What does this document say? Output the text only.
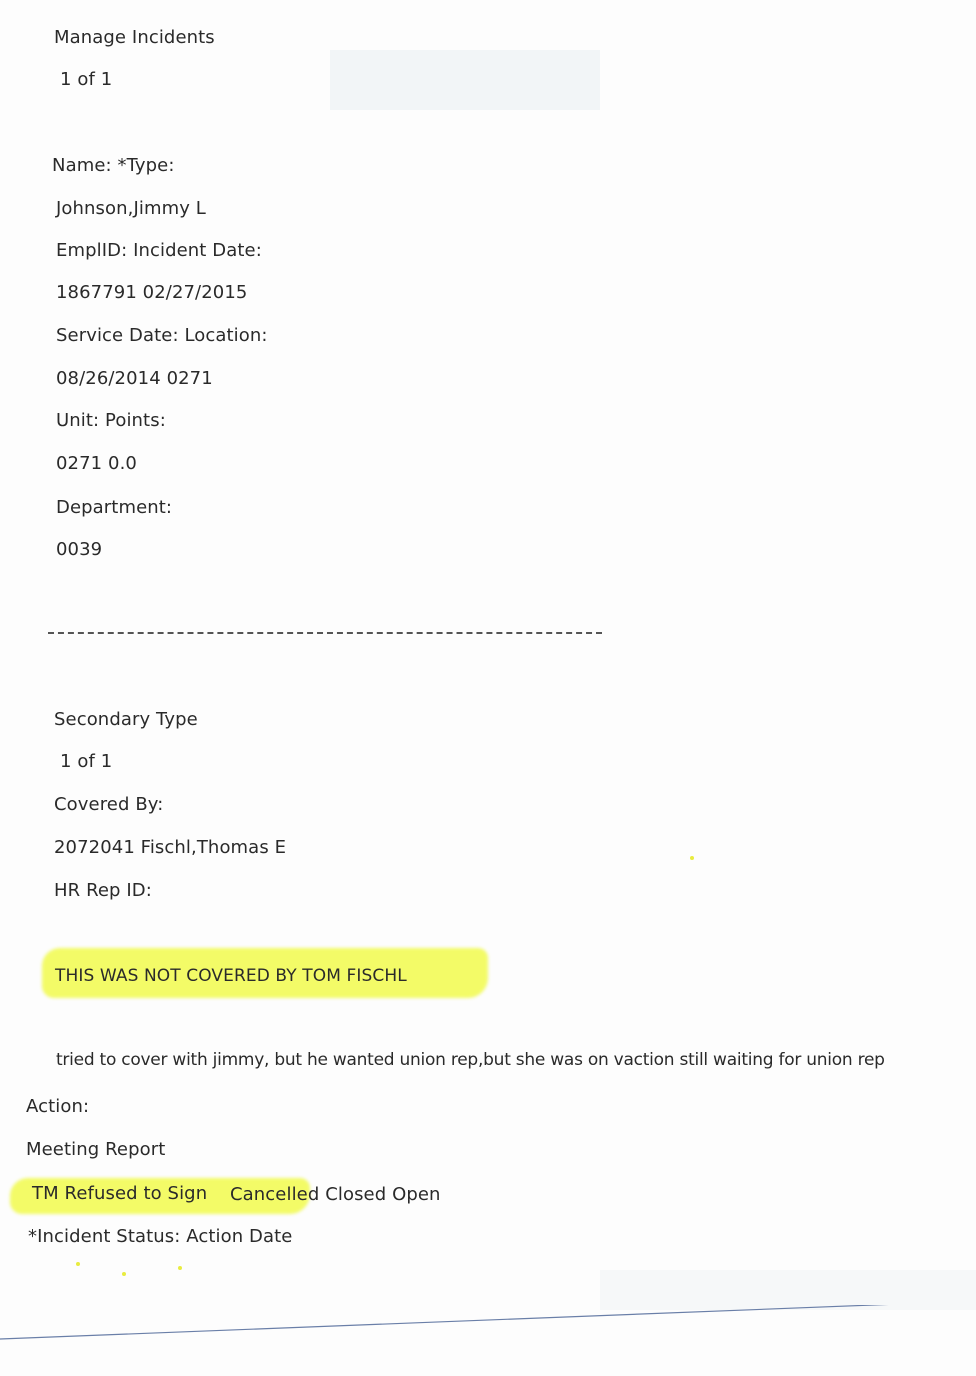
Manage Incidents
1 of 1
Name: *Type:
Johnson,Jimmy L
EmplID: Incident Date:
1867791 02/27/2015
Service Date: Location:
08/26/2014 0271
Unit: Points:
0271 0.0
Department:
0039
Secondary Type
1 of 1
Covered By:
2072041 Fischl,Thomas E
HR Rep ID:
THIS WAS NOT COVERED BY TOM FISCHL
tried to cover with jimmy, but he wanted union rep,but she was on vaction still waiting for union rep
Action:
Meeting Report
TM Refused to Sign Cancelled Closed Open
*Incident Status: Action Date
